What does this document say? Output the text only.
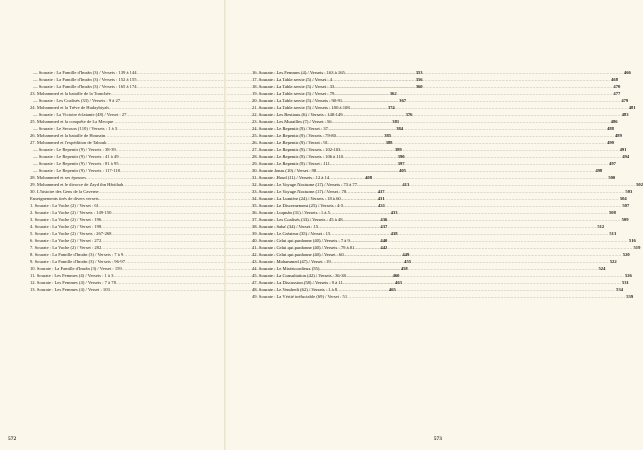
— Sourate : La Famille d'Imrân (3) / Versets : 139 à 144 .....	353
— Sourate : La Famille d'Imrân (3) / Versets : 152 à 155 .....	356
— Sourate : La Famille d'Imrân (3) / Versets : 165 à 174 .....	360
23. Mohammed et la bataille de la Tranchée .....	362
— Sourate : Les Coalisés (33) / Versets : 9 à 27 .....	367
24. Mohammed et la Trêve de Hudaybiyah .....	374
— Sourate : La Victoire éclatante (48) / Verset : 27 .....	376
25. Mohammed et la conquête de La Mecque .....	381
— Sourate : Le Secours (110) / Versets : 1 à 3 .....	384
26. Mohammed et la bataille de Hounaïn .....	385
27. Mohammed et l'expédition de Tabouk .....	388
— Sourate : Le Repentir (9) / Versets : 38-39 .....	389
— Sourate : Le Repentir (9) / Versets : 41 à 49 .....	390
— Sourate : Le Repentir (9) / Versets : 81 à 95 .....	397
— Sourate : Le Repentir (9) / Versets : 117-118 .....	405
28. Mohammed et ses épouses .....	408
29. Mohammed et le divorce de Zayd ibn Hârithah .....	413
30. L'histoire des Gens de la Caverne .....	417
Enseignements tirés de divers versets .....	431
1. Sourate : La Vache (2) / Verset : 61 .....	431
2. Sourate : La Vache (2) / Versets : 149-150 .....	433
3. Sourate : La Vache (2) / Verset : 196 .....	436
4. Sourate : La Vache (2) / Verset : 198 .....	437
5. Sourate : La Vache (2) / Versets : 267-268 .....	438
6. Sourate : La Vache (2) / Verset : 272 .....	440
7. Sourate : La Vache (2) / Verset : 282 .....	442
8. Sourate : La Famille d'Imrân (3) / Versets : 7 à 9 .....	449
9. Sourate : La Famille d'Imrân (3) / Versets : 96-97 .....	455
10. Sourate : La Famille d'Imrân (3) / Verset : 159 .....	458
11. Sourate : Les Femmes (4) / Versets : 1 à 3 .....	460
12. Sourate : Les Femmes (4) / Versets : 7 à 78 .....	463
13. Sourate : Les Femmes (4) / Verset : 103 .....	465
572
16. Sourate : Les Femmes (4) / Versets : 163 à 165 .....	466
17. Sourate : La Table servie (5) / Verset : 4 .....	468
18. Sourate : La Table servie (5) / Verset : 33 .....	470
19. Sourate : La Table servie (5) / Verset : 79 .....	477
20. Sourate : La Table servie (5) / Versets : 90-91 .....	479
21. Sourate : La Table servie (5) / Versets : 100 à 108 .....	481
22. Sourate : Les Bestiaux (6) / Versets : 148-149 .....	483
23. Sourate : Les Murailles (7) / Verset : 56 .....	486
24. Sourate : Le Repentir (9) / Verset : 37 .....	488
25. Sourate : Le Repentir (9) / Versets : 79-80 .....	489
26. Sourate : Le Repentir (9) / Verset : 91 .....	490
27. Sourate : Le Repentir (9) / Versets : 102-103 .....	491
28. Sourate : Le Repentir (9) / Versets : 106 à 110 .....	494
29. Sourate : Le Repentir (9) / Verset : 111 .....	497
30. Sourate Jonas (10) / Verset : 98 .....	498
31. Sourate : Houd (11) / Versets : 12 à 14 .....	500
32. Sourate : Le Voyage Nocturne (17) / Versets : 73 à 77 .....	502
33. Sourate : Le Voyage Nocturne (17) / Verset : 78 .....	503
34. Sourate : La Lumière (24) / Versets : 18 à 60 .....	504
35. Sourate : Le Discernement (25) / Versets : 4-5 .....	507
36. Sourate : Loqmân (31) / Versets : 1 à 5 .....	508
37. Sourate : Les Coalisés (33) / Versets : 45 à 48 .....	509
38. Sourate : Saba' (34) / Verset : 15 .....	512
39. Sourate : Le Créateur (35) / Verset : 15 .....	513
40. Sourate : Celui qui pardonne (40) / Versets : 7 à 9 .....	516
41. Sourate : Celui qui pardonne (40) / Versets : 79 à 81 .....	519
42. Sourate : Celui qui pardonne (40) / Verset : 60 .....	520
43. Sourate : Mohammed (47) / Verset : 19 .....	522
44. Sourate : Le Miséricordieux (55) .....	524
45. Sourate : La Consultation (42) / Versets : 36-38 .....	526
47. Sourate : La Discussion (58) / Versets : 9 à 11 .....	531
48. Sourate : Le Vendredi (62) / Versets : 1 à 8 .....	534
49. Sourate : La Vérité inéluctable (69) / Verset : 51 .....	539
573
